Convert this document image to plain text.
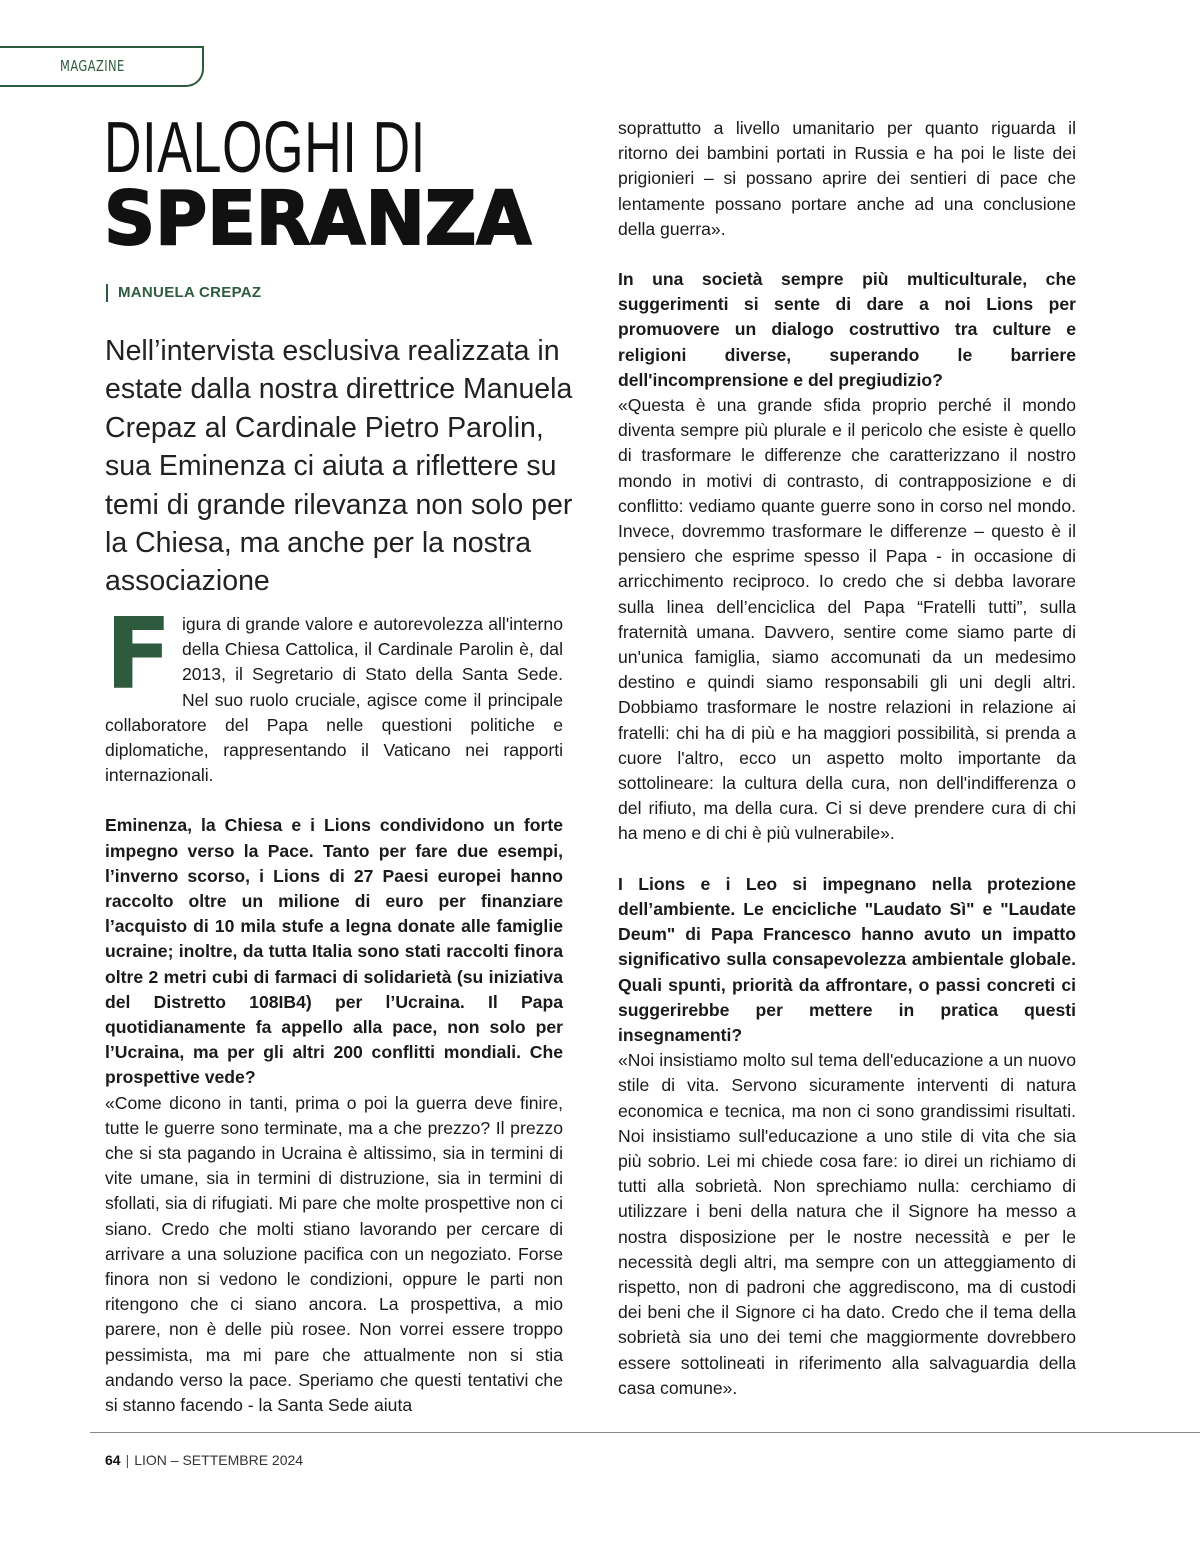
MAGAZINE
DIALOGHI DI
SPERANZA
MANUELA CREPAZ
Nell’intervista esclusiva realizzata in estate dalla nostra direttrice Manuela Crepaz al Cardinale Pietro Parolin, sua Eminenza ci aiuta a riflettere su temi di grande rilevanza non solo per la Chiesa, ma anche per la nostra associazione

Figura di grande valore e autorevolezza all'interno della Chiesa Cattolica, il Cardinale Parolin è, dal 2013, il Segretario di Stato della Santa Sede. Nel suo ruolo cruciale, agisce come il principale collaboratore del Papa nelle questioni politiche e diplomatiche, rappresentando il Vaticano nei rapporti internazionali.

Eminenza, la Chiesa e i Lions condividono un forte impegno verso la Pace. Tanto per fare due esempi, l’inverno scorso, i Lions di 27 Paesi europei hanno raccolto oltre un milione di euro per finanziare l’acquisto di 10 mila stufe a legna donate alle famiglie ucraine; inoltre, da tutta Italia sono stati raccolti finora oltre 2 metri cubi di farmaci di solidarietà (su iniziativa del Distretto 108IB4) per l’Ucraina. Il Papa quotidianamente fa appello alla pace, non solo per l’Ucraina, ma per gli altri 200 conflitti mondiali. Che prospettive vede?

«Come dicono in tanti, prima o poi la guerra deve finire, tutte le guerre sono terminate, ma a che prezzo? Il prezzo che si sta pagando in Ucraina è altissimo, sia in termini di vite umane, sia in termini di distruzione, sia in termini di sfollati, sia di rifugiati. Mi pare che molte prospettive non ci siano. Credo che molti stiano lavorando per cercare di arrivare a una soluzione pacifica con un negoziato. Forse finora non si vedono le condizioni, oppure le parti non ritengono che ci siano ancora. La prospettiva, a mio parere, non è delle più rosee. Non vorrei essere troppo pessimista, ma mi pare che attualmente non si stia andando verso la pace. Speriamo che questi tentativi che si stanno facendo - la Santa Sede aiuta

soprattutto a livello umanitario per quanto riguarda il ritorno dei bambini portati in Russia e ha poi le liste dei prigionieri – si possano aprire dei sentieri di pace che lentamente possano portare anche ad una conclusione della guerra».

In una società sempre più multiculturale, che suggerimenti si sente di dare a noi Lions per promuovere un dialogo costruttivo tra culture e religioni diverse, superando le barriere dell'incomprensione e del pregiudizio?

«Questa è una grande sfida proprio perché il mondo diventa sempre più plurale e il pericolo che esiste è quello di trasformare le differenze che caratterizzano il nostro mondo in motivi di contrasto, di contrapposizione e di conflitto: vediamo quante guerre sono in corso nel mondo. Invece, dovremmo trasformare le differenze – questo è il pensiero che esprime spesso il Papa - in occasione di arricchimento reciproco. Io credo che si debba lavorare sulla linea dell’enciclica del Papa “Fratelli tutti”, sulla fraternità umana. Davvero, sentire come siamo parte di un'unica famiglia, siamo accomunati da un medesimo destino e quindi siamo responsabili gli uni degli altri. Dobbiamo trasformare le nostre relazioni in relazione ai fratelli: chi ha di più e ha maggiori possibilità, si prenda a cuore l'altro, ecco un aspetto molto importante da sottolineare: la cultura della cura, non dell'indifferenza o del rifiuto, ma della cura. Ci si deve prendere cura di chi ha meno e di chi è più vulnerabile».

I Lions e i Leo si impegnano nella protezione dell’ambiente. Le encicliche "Laudato Sì" e "Laudate Deum" di Papa Francesco hanno avuto un impatto significativo sulla consapevolezza ambientale globale. Quali spunti, priorità da affrontare, o passi concreti ci suggerirebbe per mettere in pratica questi insegnamenti?

«Noi insistiamo molto sul tema dell'educazione a un nuovo stile di vita. Servono sicuramente interventi di natura economica e tecnica, ma non ci sono grandissimi risultati. Noi insistiamo sull'educazione a uno stile di vita che sia più sobrio. Lei mi chiede cosa fare: io direi un richiamo di tutti alla sobrietà. Non sprechiamo nulla: cerchiamo di utilizzare i beni della natura che il Signore ha messo a nostra disposizione per le nostre necessità e per le necessità degli altri, ma sempre con un atteggiamento di rispetto, non di padroni che aggrediscono, ma di custodi dei beni che il Signore ci ha dato. Credo che il tema della sobrietà sia uno dei temi che maggiormente dovrebbero essere sottolineati in riferimento alla salvaguardia della casa comune».

64 | LION – SETTEMBRE 2024
